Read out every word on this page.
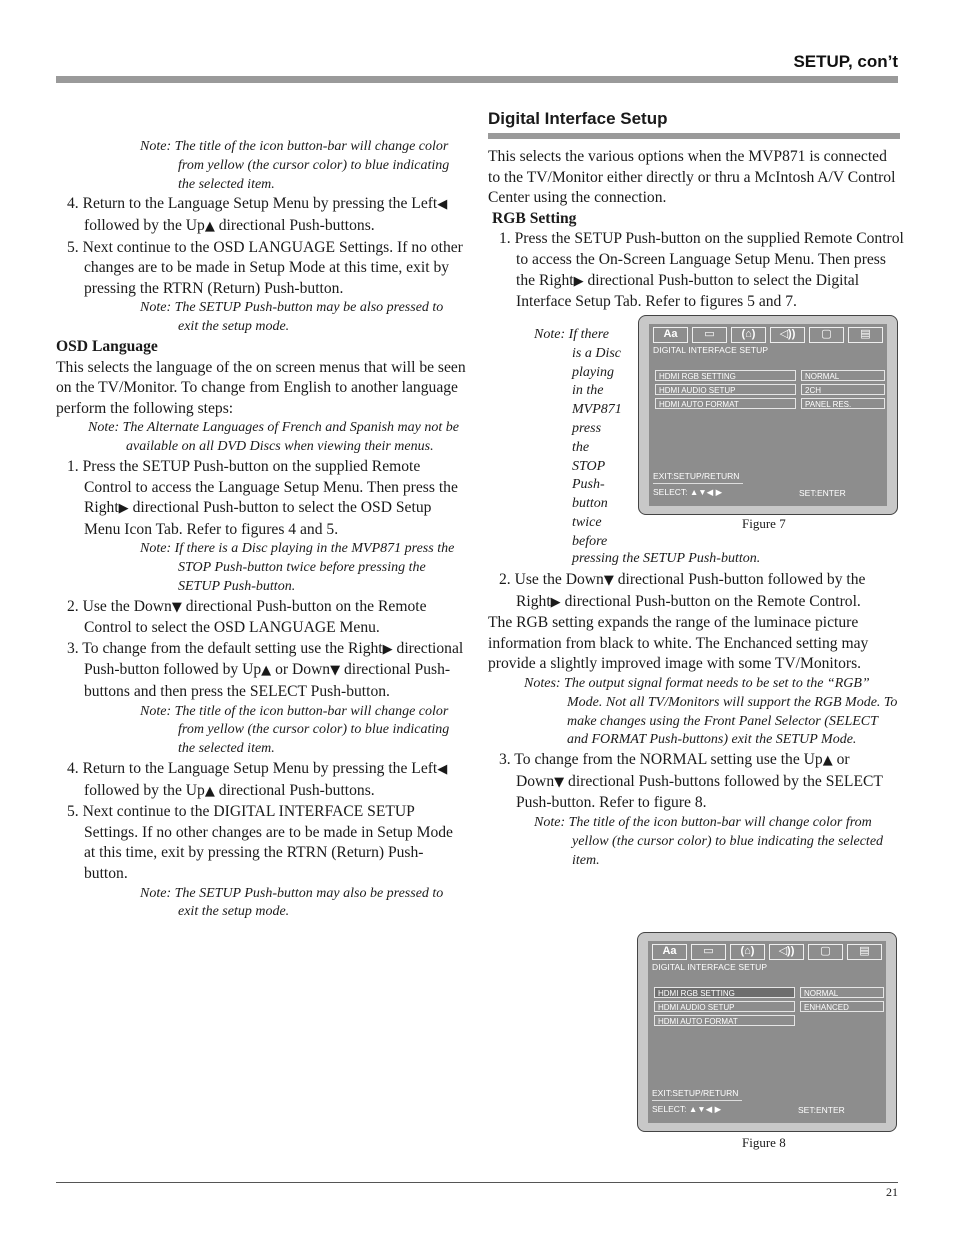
SETUP, con’t

Note: The title of the icon button-bar will change color from yellow (the cursor color) to blue indicating the selected item.

4. Return to the Language Setup Menu by pressing the Left◀ followed by the Up▲ directional Push-buttons.

5. Next continue to the OSD LANGUAGE Settings. If no other changes are to be made in Setup Mode at this time, exit by pressing the RTRN (Return) Push-button.

Note: The SETUP Push-button may be also pressed to exit the setup mode.

OSD Language

This selects the language of the on screen menus that will be seen on the TV/Monitor. To change from English to another language perform the following steps:

Note: The Alternate Languages of French and Spanish may not be available on all DVD Discs when viewing their menus.

1. Press the SETUP Push-button on the supplied Remote Control to access the Language Setup Menu. Then press the Right▶ directional Push-button to select the OSD Setup Menu Icon Tab. Refer to figures 4 and 5.

Note: If there is a Disc playing in the MVP871 press the STOP Push-button twice before pressing the SETUP Push-button.

2. Use the Down▼ directional Push-button on the Remote Control to select the OSD LANGUAGE Menu.

3. To change from the default setting use the Right▶ directional Push-button followed by Up▲ or Down▼ directional Push-buttons and then press the SELECT Push-button.

Note: The title of the icon button-bar will change color from yellow (the cursor color) to blue indicating the selected item.

4. Return to the Language Setup Menu by pressing the Left◀ followed by the Up▲ directional Push-buttons.

5. Next continue to the DIGITAL INTERFACE SETUP Settings. If no other changes are to be made in Setup Mode at this time, exit by pressing the RTRN (Return) Push-button.

Note: The SETUP Push-button may also be pressed to exit the setup mode.

Digital Interface Setup

This selects the various options when the MVP871 is connected to the TV/Monitor either directly or thru a McIntosh A/V Control Center using the connection.

RGB Setting

1. Press the SETUP Push-button on the supplied Remote Control to access the On-Screen Language Setup Menu. Then press the Right▶ directional Push-button to select the Digital Interface Setup Tab. Refer to figures 5 and 7.

Note: If there
is a Disc
playing
in the
MVP871
press
the
STOP
Push-
button
twice
before
pressing the SETUP Push-button.
Aa	▭	(⌂)	◁))	▢	▤
DIGITAL INTERFACE SETUP
HDMI RGB SETTING	NORMAL
HDMI AUDIO SETUP	2CH
HDMI AUTO FORMAT	PANEL RES.
EXIT:SETUP/RETURN
SELECT: ▲▼◀ ▶	SET:ENTER
Figure 7

2. Use the Down▼ directional Push-button followed by the Right▶ directional Push-button on the Remote Control.

The RGB setting expands the range of the luminace picture information from black to white. The Enchanced setting may provide a slightly improved image with some TV/Monitors.

Notes: The output signal format needs to be set to the “RGB” Mode. Not all TV/Monitors will support the RGB Mode. To make changes using the Front Panel Selector (SELECT and FORMAT Push-buttons) exit the SETUP Mode.

3. To change from the NORMAL setting use the Up▲ or Down▼ directional Push-buttons followed by the SELECT Push-button. Refer to figure 8.

Note: The title of the icon button-bar will change color from yellow (the cursor color) to blue indicating the selected item.

Aa	▭	(⌂)	◁))	▢	▤
DIGITAL INTERFACE SETUP
HDMI RGB SETTING	NORMAL
HDMI AUDIO SETUP	ENHANCED
HDMI AUTO FORMAT
EXIT:SETUP/RETURN
SELECT: ▲▼◀ ▶	SET:ENTER
Figure 8
21
